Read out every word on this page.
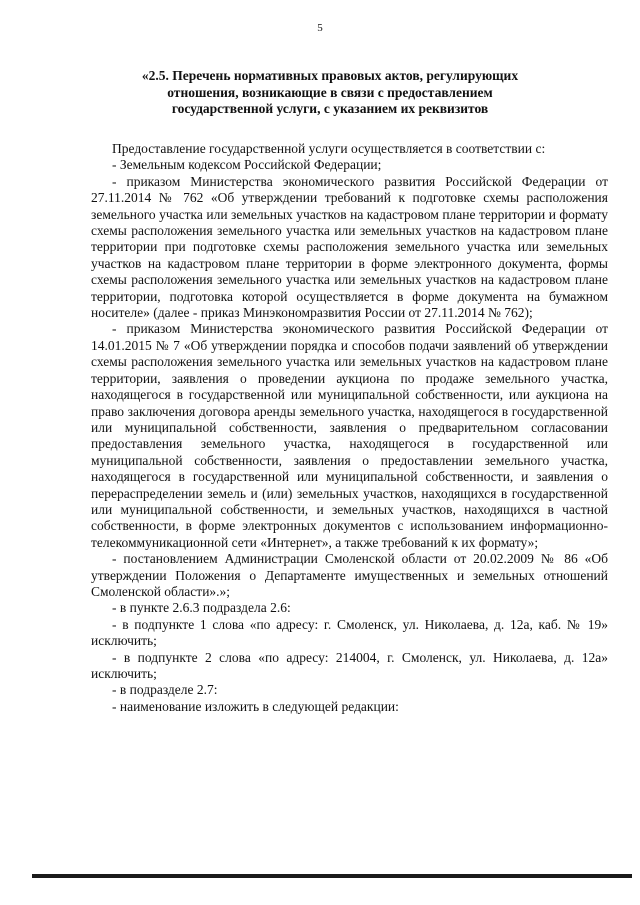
5
«2.5. Перечень нормативных правовых актов, регулирующих
отношения, возникающие в связи с предоставлением
государственной услуги, с указанием их реквизитов

Предоставление государственной услуги осуществляется в соответствии с:

- Земельным кодексом Российской Федерации;

- приказом Министерства экономического развития Российской Федерации от 27.11.2014 № 762 «Об утверждении требований к подготовке схемы расположения земельного участка или земельных участков на кадастровом плане территории и формату схемы расположения земельного участка или земельных участков на кадастровом плане территории при подготовке схемы расположения земельного участка или земельных участков на кадастровом плане территории в форме электронного документа, формы схемы расположения земельного участка или земельных участков на кадастровом плане территории, подготовка которой осуществляется в форме документа на бумажном носителе» (далее - приказ Минэкономразвития России от 27.11.2014 № 762);

- приказом Министерства экономического развития Российской Федерации от 14.01.2015 № 7 «Об утверждении порядка и способов подачи заявлений об утверждении схемы расположения земельного участка или земельных участков на кадастровом плане территории, заявления о проведении аукциона по продаже земельного участка, находящегося в государственной или муниципальной собственности, или аукциона на право заключения договора аренды земельного участка, находящегося в государственной или муниципальной собственности, заявления о предварительном согласовании предоставления земельного участка, находящегося в государственной или муниципальной собственности, заявления о предоставлении земельного участка, находящегося в государственной или муниципальной собственности, и заявления о перераспределении земель и (или) земельных участков, находящихся в государственной или муниципальной собственности, и земельных участков, находящихся в частной собственности, в форме электронных документов с использованием информационно-телекоммуникационной сети «Интернет», а также требований к их формату»;

- постановлением Администрации Смоленской области от 20.02.2009 № 86 «Об утверждении Положения о Департаменте имущественных и земельных отношений Смоленской области».»;

- в пункте 2.6.3 подраздела 2.6:

- в подпункте 1 слова «по адресу: г. Смоленск, ул. Николаева, д. 12а, каб. № 19» исключить;

- в подпункте 2 слова «по адресу: 214004, г. Смоленск, ул. Николаева, д. 12а» исключить;

- в подразделе 2.7:

- наименование изложить в следующей редакции:
